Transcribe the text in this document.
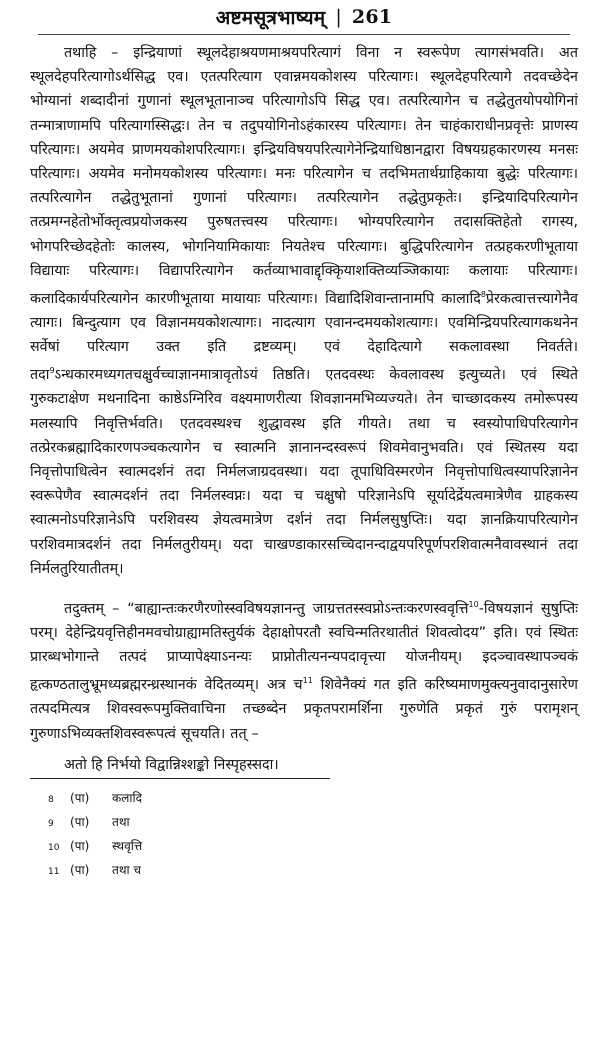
अष्टमसूत्रभाष्यम् | 261

तथाहि – इन्द्रियाणां स्थूलदेहाश्रयणमाश्रयपरित्यागं विना न स्वरूपेण त्यागसंभवति। अत स्थूलदेहपरित्यागोऽर्थसिद्ध एव। एतत्परित्याग एवान्नमयकोशस्य परित्यागः। स्थूलदेहपरित्यागे तदवच्छेदेन भोग्यानां शब्दादीनां गुणानां स्थूलभूतानाञ्च परित्यागोऽपि सिद्ध एव। तत्परित्यागेन च तद्धेतुतयोपयोगिनां तन्मात्राणामपि परित्यागस्सिद्धः। तेन च तदुपयोगिनोऽहंकारस्य परित्यागः। तेन चाहंकाराधीनप्रवृत्तेः प्राणस्य परित्यागः। अयमेव प्राणमयकोशपरित्यागः। इन्द्रियविषयपरित्यागेनेन्द्रियाधिष्ठानद्वारा विषयग्रहकारणस्य मनसः परित्यागः। अयमेव मनोमयकोशस्य परित्यागः। मनः परित्यागेन च तदभिमतार्थग्राहिकाया बुद्धेः परित्यागः। तत्परित्यागेन तद्धेतुभूतानां गुणानां परित्यागः। तत्परित्यागेन तद्धेतुप्रकृतेः। इन्द्रियादिपरित्यागेन तत्प्रमग्नहेतोर्भोक्तृत्वप्रयोजकस्य पुरुषतत्त्वस्य परित्यागः। भोग्यपरित्यागेन तदासक्तिहेतो रागस्य, भोगपरिच्छेदहेतोः कालस्य, भोगनियामिकायाः नियतेश्च परित्यागः। बुद्धिपरित्यागेन तत्प्रहकरणीभूताया विद्यायाः परित्यागः। विद्यापरित्यागेन कर्तव्याभावाद्दृक्किृयाशक्तिव्यञ्जिकायाः कलायाः परित्यागः। कलादिकार्यपरित्यागेन कारणीभूताया मायायाः परित्यागः। विद्यादिशिवान्तानामपि कालादि$^8$प्रेरकत्वात्तत्त्यागेनैव त्यागः। बिन्दुत्याग एव विज्ञानमयकोशत्यागः। नादत्याग एवानन्दमयकोशत्यागः। एवमिन्द्रियपरित्यागकथनेन सर्वेषां परित्याग उक्त इति द्रष्टव्यम्। एवं देहादित्यागे सकलावस्था निवर्तते। तदा$^9$ऽन्धकारमध्यगतचक्षुर्वच्चाज्ञानमात्रावृतोऽयं तिष्ठति। एतदवस्थः केवलावस्थ इत्युच्यते। एवं स्थिते गुरुकटाक्षेण मथनादिना काष्ठेऽग्निरिव वक्ष्यमाणरीत्या शिवज्ञानमभिव्यज्यते। तेन चाच्छादकस्य तमोरूपस्य मलस्यापि निवृत्तिर्भवति। एतदवस्थश्च शुद्धावस्थ इति गीयते। तथा च स्वस्योपाधिपरित्यागेन तत्प्रेरकब्रह्मादिकारणपञ्चकत्यागेन च स्वात्मनि ज्ञानानन्दस्वरूपं शिवमेवानुभवति। एवं स्थितस्य यदा निवृत्तोपाधित्वेन स्वात्मदर्शनं तदा निर्मलजाग्रदवस्था। यदा तूपाधिविस्मरणेन निवृत्तोपाधित्वस्यापरिज्ञानेन स्वरूपेणैव स्वात्मदर्शनं तदा निर्मलस्वप्नः। यदा च चक्षुषो परिज्ञानेऽपि सूर्यादेर्द्रेयत्वमात्रेणैव ग्राहकस्य स्वात्मनोऽपरिज्ञानेऽपि परशिवस्य ज्ञेयत्वमात्रेण दर्शनं तदा निर्मलसुषुप्तिः। यदा ज्ञानक्रियापरित्यागेन परशिवमात्रदर्शनं तदा निर्मलतुरीयम्। यदा चाखण्डाकारसच्चिदानन्दाद्वयपरिपूर्णपरशिवात्मनैवावस्थानं तदा निर्मलतुरियातीतम्।

तदुक्तम् – “बाह्यान्तःकरणैरणोस्स्वविषयज्ञानन्तु जाग्रत्ततस्स्वप्नोऽन्तःकरणस्ववृत्ति$^{10}$-विषयज्ञानं सुषुप्तिः परम्। देहेन्द्रियवृत्तिहीनमवचोग्राह्यामतिस्तुर्यकं देहाक्षोपरतौ स्वचिन्मतिरथातीतं शिवत्वोदय” इति। एवं स्थितः प्रारब्धभोगान्ते तत्पदं प्राप्यापेक्ष्याऽनन्यः प्राप्नोतीत्यनन्यपदावृत्त्या योजनीयम्। इदञ्चावस्थापञ्चकं हृत्कण्ठतालुभ्रूमध्यब्रह्मरन्ध्रस्थानकं वेदितव्यम्। अत्र च$^{11}$ शिवेनैक्यं गत इति करिष्यमाणमुक्त्यनुवादानुसारेण तत्पदमित्यत्र शिवस्वरूपमुक्तिवाचिना तच्छब्देन प्रकृतपरामर्शिना गुरुणेति प्रकृतं गुरुं परामृशन् गुरुणाऽभिव्यक्तशिवस्वरूपत्वं सूचयति। तत् –

अतो हि निर्भयो विद्वान्निश्शङ्को निस्पृहस्सदा।
8	(पा)	कलादि
9	(पा)	तथा
10 (पा)	स्थवृत्ति
11 (पा)	तथा च
